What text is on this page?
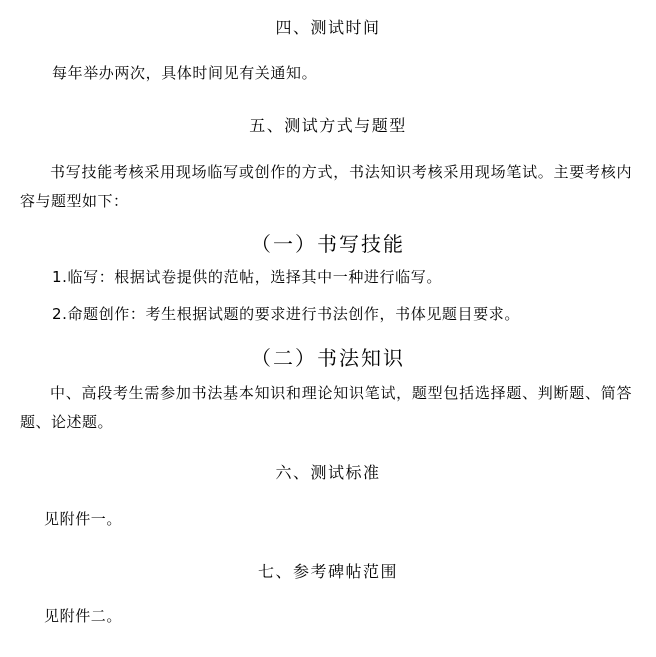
四、测试时间
每年举办两次，具体时间见有关通知。
五、测试方式与题型
书写技能考核采用现场临写或创作的方式，书法知识考核采用现场笔试。主要考核内容与题型如下：
（一）书写技能
1.临写：根据试卷提供的范帖，选择其中一种进行临写。
2.命题创作：考生根据试题的要求进行书法创作，书体见题目要求。
（二）书法知识
中、高段考生需参加书法基本知识和理论知识笔试，题型包括选择题、判断题、简答题、论述题。
六、测试标准
见附件一。
七、参考碑帖范围
见附件二。
